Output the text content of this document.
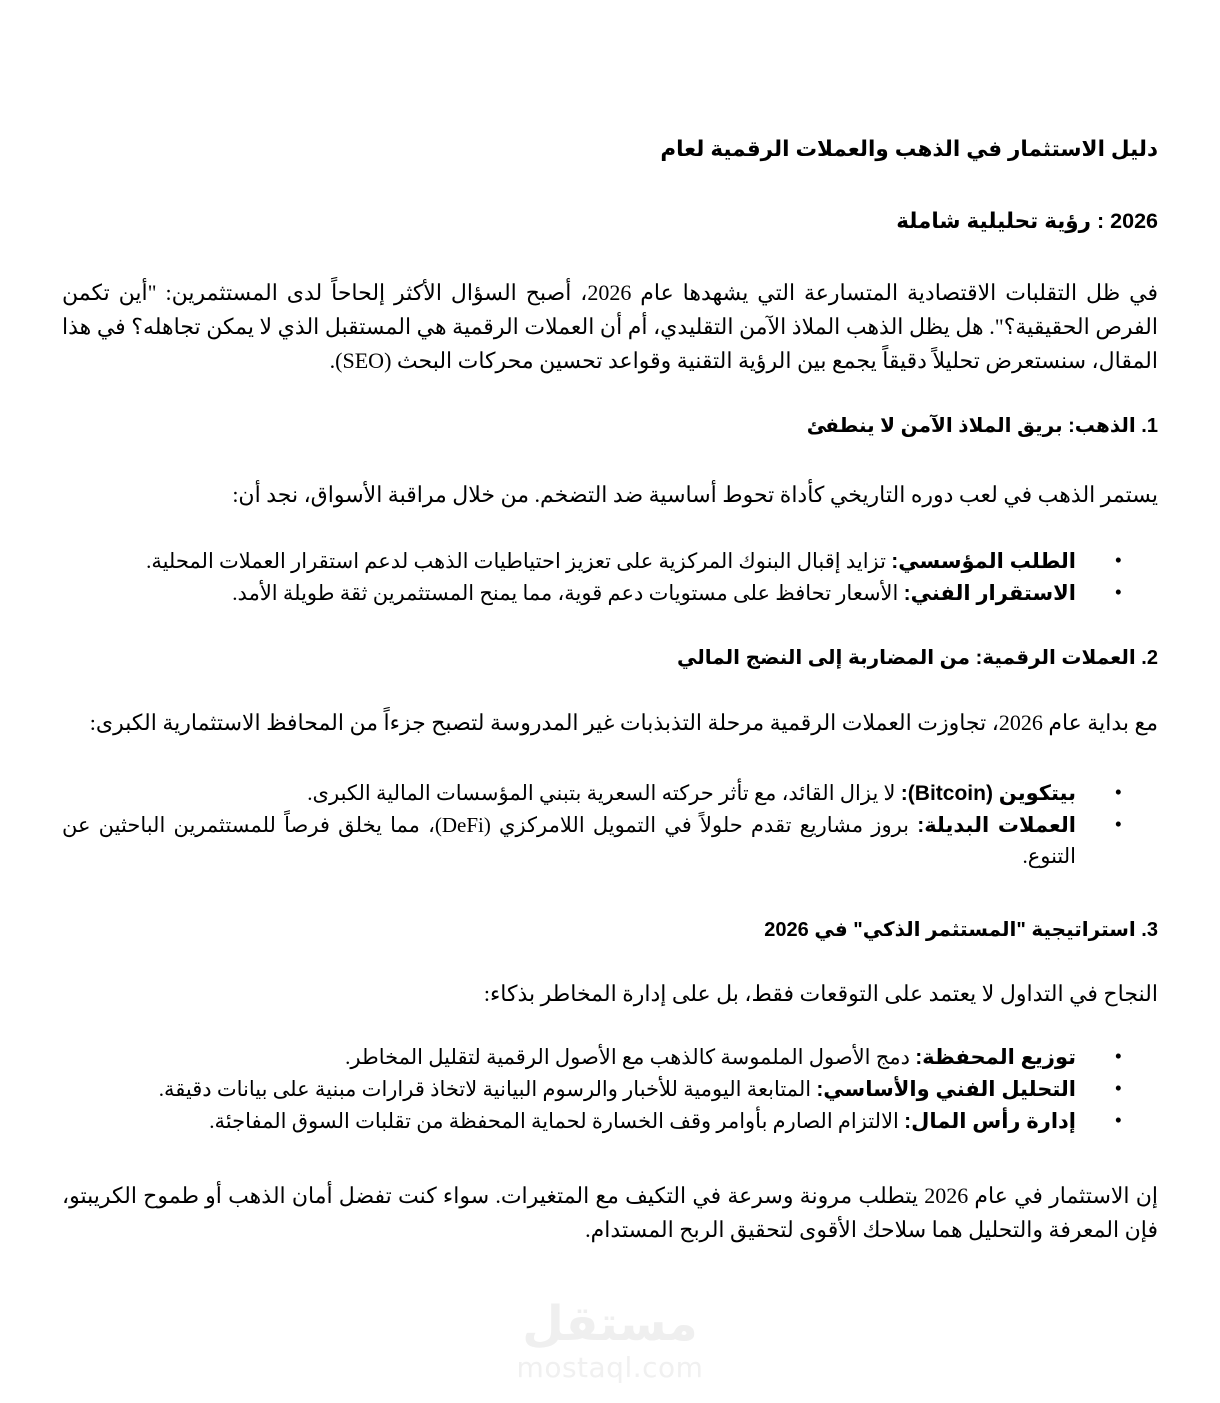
دليل الاستثمار في الذهب والعملات الرقمية لعام
2026 : رؤية تحليلية شاملة

في ظل التقلبات الاقتصادية المتسارعة التي يشهدها عام 2026، أصبح السؤال الأكثر إلحاحاً لدى المستثمرين: "أين تكمن الفرص الحقيقية؟". هل يظل الذهب الملاذ الآمن التقليدي، أم أن العملات الرقمية هي المستقبل الذي لا يمكن تجاهله؟ في هذا المقال، سنستعرض تحليلاً دقيقاً يجمع بين الرؤية التقنية وقواعد تحسين محركات البحث (SEO).

1. الذهب: بريق الملاذ الآمن لا ينطفئ

يستمر الذهب في لعب دوره التاريخي كأداة تحوط أساسية ضد التضخم. من خلال مراقبة الأسواق، نجد أن:

• الطلب المؤسسي: تزايد إقبال البنوك المركزية على تعزيز احتياطيات الذهب لدعم استقرار العملات المحلية.
• الاستقرار الفني: الأسعار تحافظ على مستويات دعم قوية، مما يمنح المستثمرين ثقة طويلة الأمد.
2. العملات الرقمية: من المضاربة إلى النضج المالي

مع بداية عام 2026، تجاوزت العملات الرقمية مرحلة التذبذبات غير المدروسة لتصبح جزءاً من المحافظ الاستثمارية الكبرى:

• بيتكوين (Bitcoin): لا يزال القائد، مع تأثر حركته السعرية بتبني المؤسسات المالية الكبرى.
• العملات البديلة: بروز مشاريع تقدم حلولاً في التمويل اللامركزي (DeFi)، مما يخلق فرصاً للمستثمرين الباحثين عن التنوع.
3. استراتيجية "المستثمر الذكي" في 2026

النجاح في التداول لا يعتمد على التوقعات فقط، بل على إدارة المخاطر بذكاء:

• توزيع المحفظة: دمج الأصول الملموسة كالذهب مع الأصول الرقمية لتقليل المخاطر.
• التحليل الفني والأساسي: المتابعة اليومية للأخبار والرسوم البيانية لاتخاذ قرارات مبنية على بيانات دقيقة.
• إدارة رأس المال: الالتزام الصارم بأوامر وقف الخسارة لحماية المحفظة من تقلبات السوق المفاجئة.

إن الاستثمار في عام 2026 يتطلب مرونة وسرعة في التكيف مع المتغيرات. سواء كنت تفضل أمان الذهب أو طموح الكريبتو، فإن المعرفة والتحليل هما سلاحك الأقوى لتحقيق الربح المستدام.

مستقل
mostaql.com
